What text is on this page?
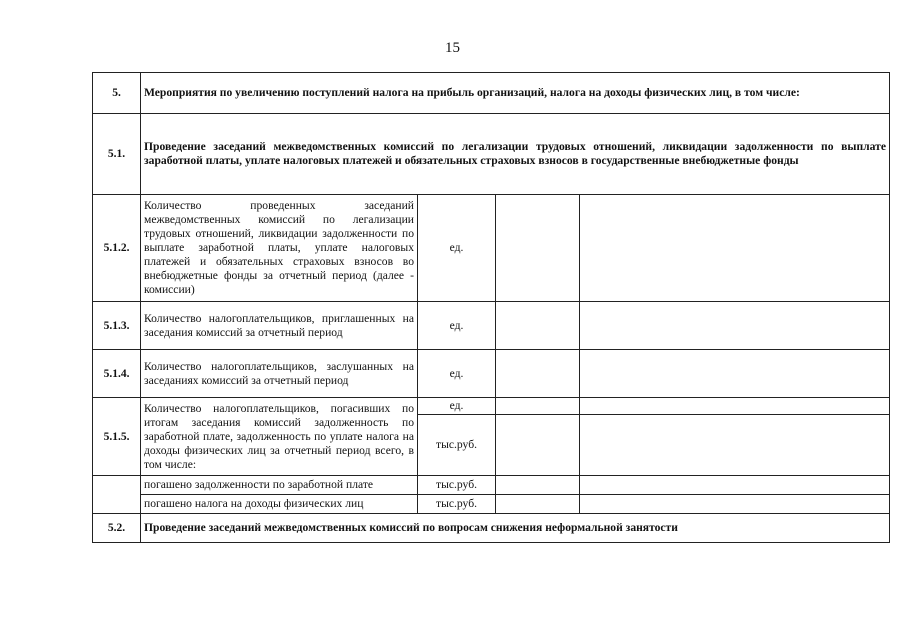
15
5.	Мероприятия по увеличению поступлений налога на прибыль организаций, налога на доходы физических лиц, в том числе:			
5.1.	Проведение заседаний межведомственных комиссий по легализации трудовых отношений, ликвидации задолженности по выплате заработной платы, уплате налоговых платежей и обязательных страховых взносов в государственные внебюджетные фонды			
5.1.2.	Количество проведенных заседаний межведомственных комиссий по легализации трудовых отношений, ликвидации задолженности по выплате заработной платы, уплате налоговых платежей и обязательных страховых взносов во внебюджетные фонды за отчетный период (далее - комиссии)	ед.		
5.1.3.	Количество налогоплательщиков, приглашенных на заседания комиссий за отчетный период	ед.		
5.1.4.	Количество налогоплательщиков, заслушанных на заседаниях комиссий за отчетный период	ед.		
5.1.5.	Количество налогоплательщиков, погасивших по итогам заседания комиссий задолженность по заработной плате, задолженность по уплате налога на доходы физических лиц за отчетный период всего, в том числе:	ед.		
		тыс.руб.		
	погашено задолженности по заработной плате	тыс.руб.		
	погашено налога на доходы физических лиц	тыс.руб.		
5.2.	Проведение заседаний межведомственных комиссий по вопросам снижения неформальной занятости			
